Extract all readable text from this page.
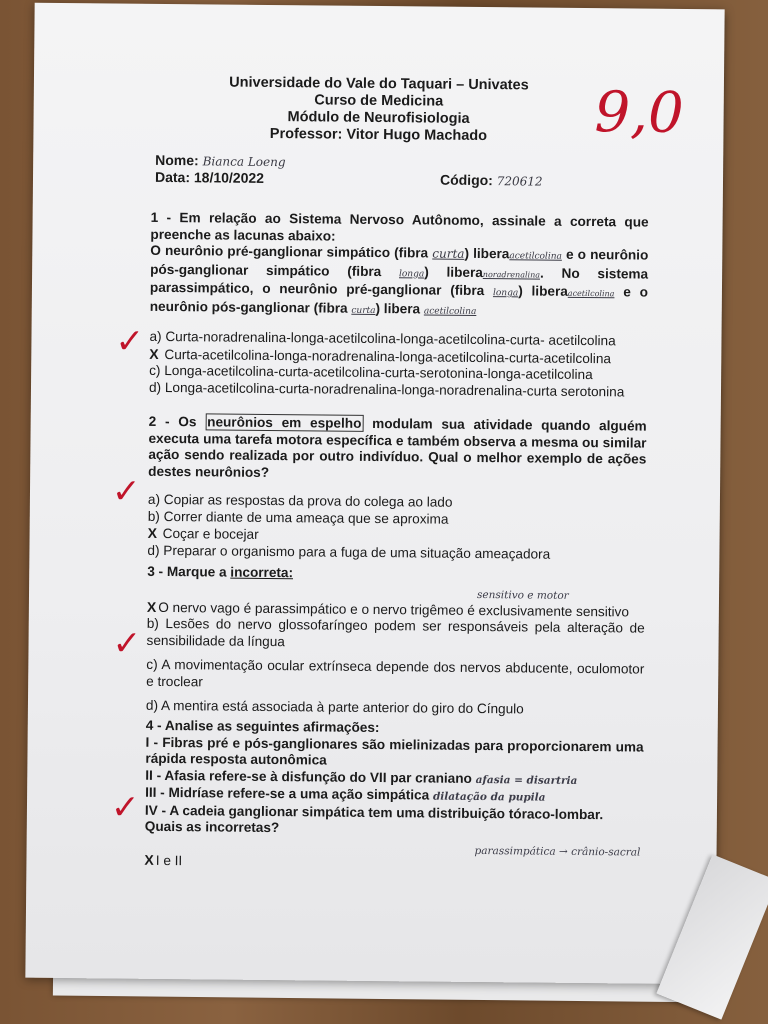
Universidade do Vale do Taquari – Univates
Curso de Medicina
Módulo de Neurofisiologia
Professor: Vitor Hugo Machado	9,0
Nome: Bianca Loeng
Data: 18/10/2022	Código: 720612
1 - Em relação ao Sistema Nervoso Autônomo, assinale a correta que preenche as lacunas abaixo:
O neurônio pré-ganglionar simpático (fibra curta) liberaacetilcolina e o neurônio pós-ganglionar simpático (fibra longa) liberanoradrenalina. No sistema parassimpático, o neurônio pré-ganglionar (fibra longa) liberaacetilcolina e o neurônio pós-ganglionar (fibra curta) libera acetilcolina
a) Curta-noradrenalina-longa-acetilcolina-longa-acetilcolina-curta- acetilcolina
X Curta-acetilcolina-longa-noradrenalina-longa-acetilcolina-curta-acetilcolina
c) Longa-acetilcolina-curta-acetilcolina-curta-serotonina-longa-acetilcolina
d) Longa-acetilcolina-curta-noradrenalina-longa-noradrenalina-curta serotonina
✓
2 - Os neurônios em espelho modulam sua atividade quando alguém executa uma tarefa motora específica e também observa a mesma ou similar ação sendo realizada por outro indivíduo. Qual o melhor exemplo de ações destes neurônios?
a) Copiar as respostas da prova do colega ao lado
b) Correr diante de uma ameaça que se aproxima
X Coçar e bocejar
d) Preparar o organismo para a fuga de uma situação ameaçadora
✓
3 - Marque a incorreta:
sensitivo e motor
X O nervo vago é parassimpático e o nervo trigêmeo é exclusivamente sensitivo
b) Lesões do nervo glossofaríngeo podem ser responsáveis pela alteração de sensibilidade da língua
c) A movimentação ocular extrínseca depende dos nervos abducente, oculomotor e troclear
d) A mentira está associada à parte anterior do giro do Cíngulo
✓
4 - Analise as seguintes afirmações:
I - Fibras pré e pós-ganglionares são mielinizadas para proporcionarem uma rápida resposta autonômica
II - Afasia refere-se à disfunção do VII par craniano afasia = disartria
III - Midríase refere-se a uma ação simpática dilatação da pupila
IV - A cadeia ganglionar simpática tem uma distribuição tóraco-lombar.
Quais as incorretas?
parassimpática → crânio-sacral
X I e II
✓
